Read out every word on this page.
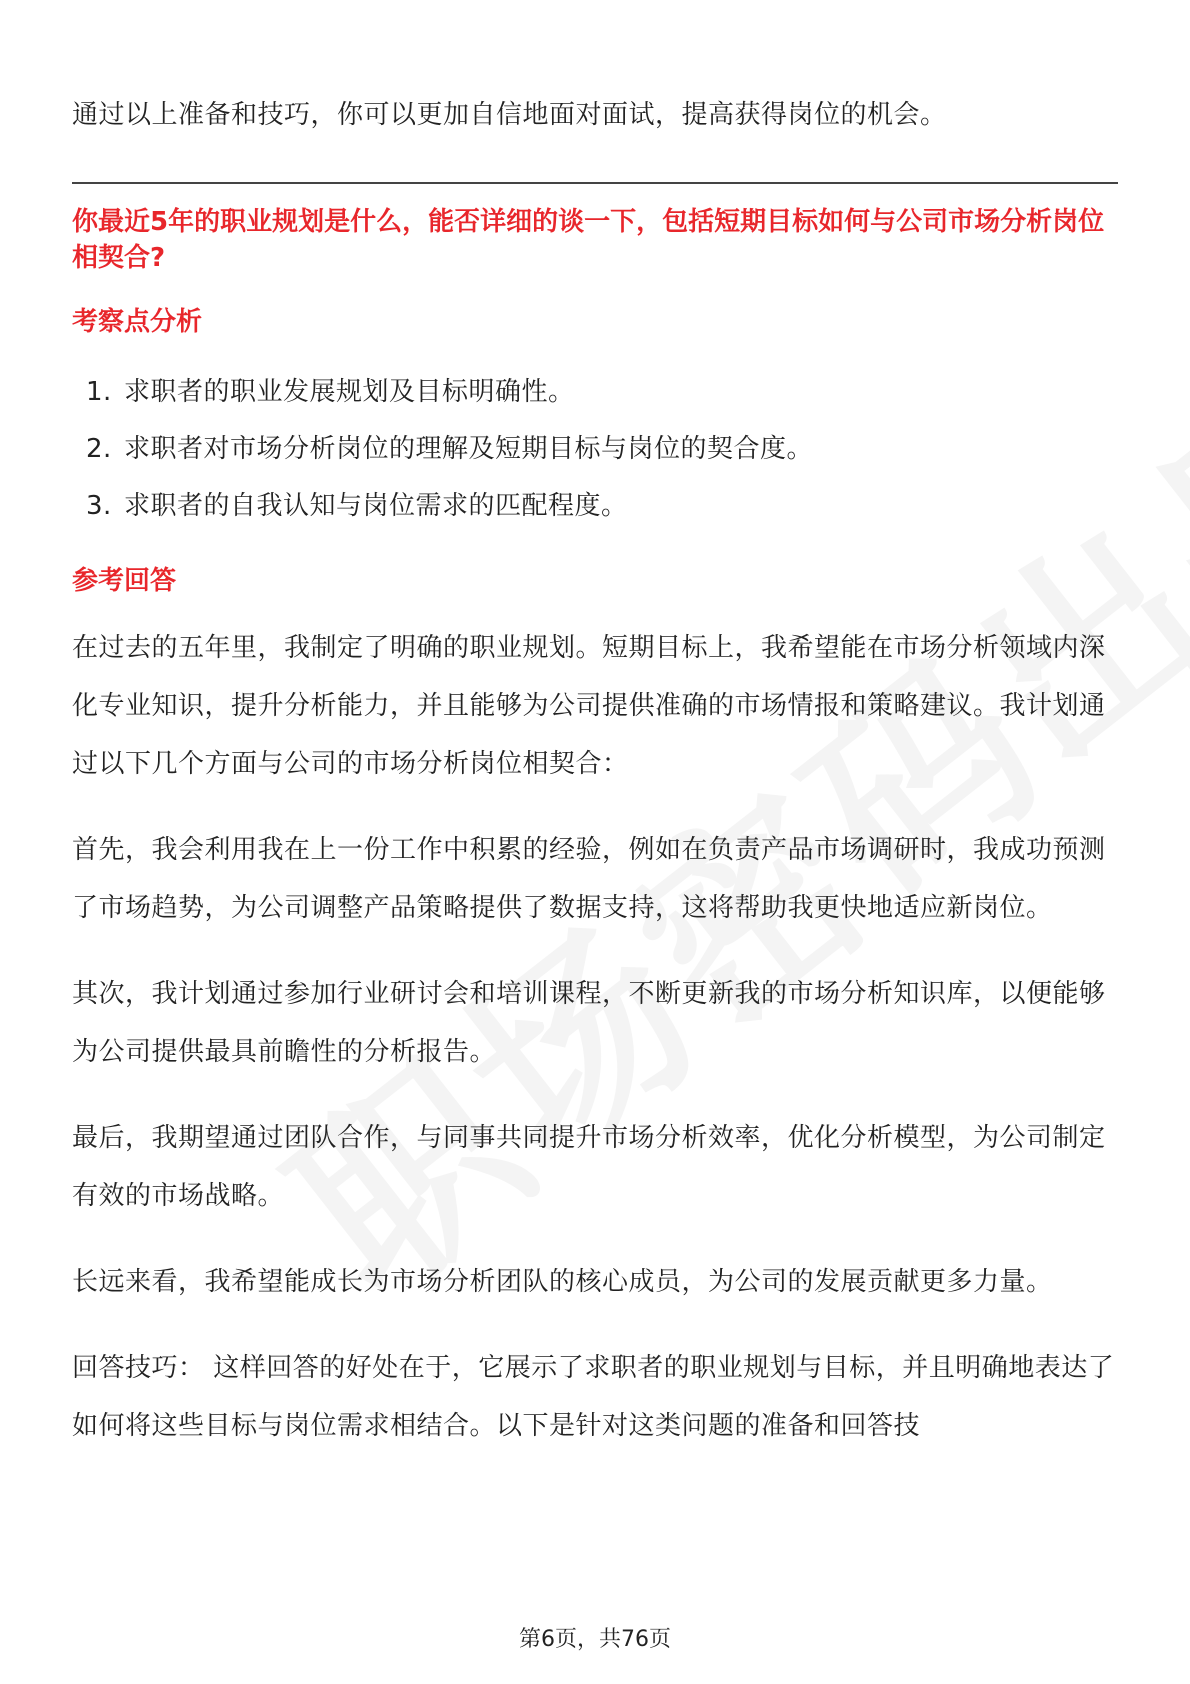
通过以上准备和技巧，你可以更加自信地面对面试，提高获得岗位的机会。

你最近5年的职业规划是什么，能否详细的谈一下，包括短期目标如何与公司市场分析岗位相契合?

考察点分析

1. 求职者的职业发展规划及目标明确性。
2. 求职者对市场分析岗位的理解及短期目标与岗位的契合度。
3. 求职者的自我认知与岗位需求的匹配程度。

参考回答

在过去的五年里，我制定了明确的职业规划。短期目标上，我希望能在市场分析领域内深化专业知识，提升分析能力，并且能够为公司提供准确的市场情报和策略建议。我计划通过以下几个方面与公司的市场分析岗位相契合：

首先，我会利用我在上一份工作中积累的经验，例如在负责产品市场调研时，我成功预测了市场趋势，为公司调整产品策略提供了数据支持，这将帮助我更快地适应新岗位。

其次，我计划通过参加行业研讨会和培训课程，不断更新我的市场分析知识库，以便能够为公司提供最具前瞻性的分析报告。

最后，我期望通过团队合作，与同事共同提升市场分析效率，优化分析模型，为公司制定有效的市场战略。

长远来看，我希望能成长为市场分析团队的核心成员，为公司的发展贡献更多力量。

回答技巧： 这样回答的好处在于，它展示了求职者的职业规划与目标，并且明确地表达了如何将这些目标与岗位需求相结合。以下是针对这类问题的准备和回答技

第6页，共76页
